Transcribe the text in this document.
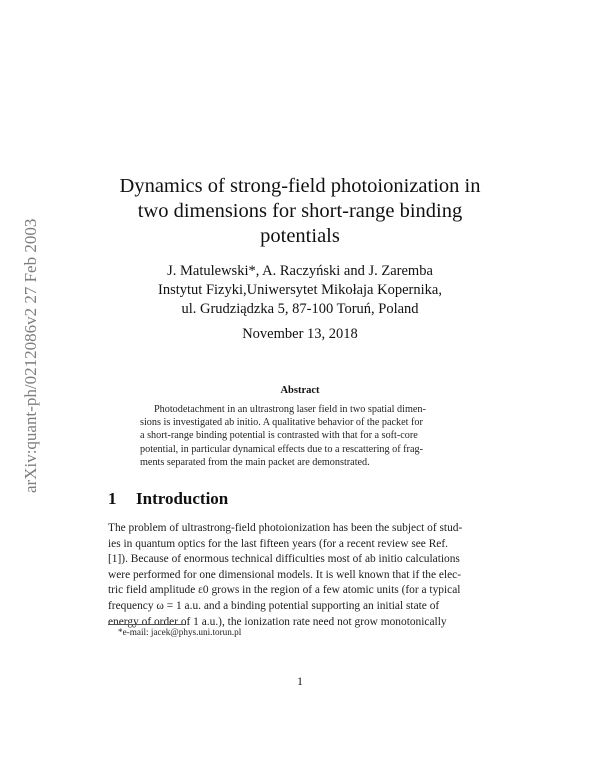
arXiv:quant-ph/0212086v2 27 Feb 2003
Dynamics of strong-field photoionization in
two dimensions for short-range binding
potentials
J. Matulewski*, A. Raczyński and J. Zaremba
Instytut Fizyki,Uniwersytet Mikołaja Kopernika,
ul. Grudziądzka 5, 87-100 Toruń, Poland
November 13, 2018
Abstract
Photodetachment in an ultrastrong laser field in two spatial dimen-
sions is investigated ab initio. A qualitative behavior of the packet for
a short-range binding potential is contrasted with that for a soft-core
potential, in particular dynamical effects due to a rescattering of frag-
ments separated from the main packet are demonstrated.
1 Introduction
The problem of ultrastrong-field photoionization has been the subject of stud-
ies in quantum optics for the last fifteen years (for a recent review see Ref.
[1]). Because of enormous technical difficulties most of ab initio calculations
were performed for one dimensional models. It is well known that if the elec-
tric field amplitude ε0 grows in the region of a few atomic units (for a typical
frequency ω = 1 a.u. and a binding potential supporting an initial state of
energy of order of 1 a.u.), the ionization rate need not grow monotonically
*e-mail: jacek@phys.uni.torun.pl
1
